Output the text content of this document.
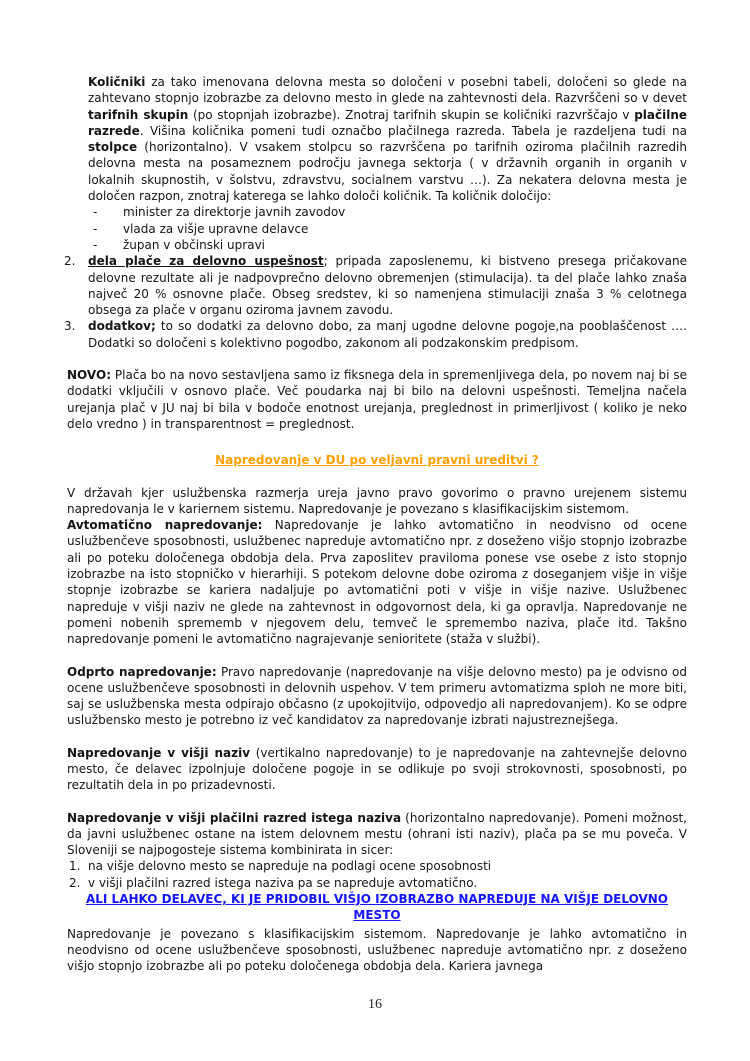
Količniki za tako imenovana delovna mesta so določeni v posebni tabeli, določeni so glede na zahtevano stopnjo izobrazbe za delovno mesto in glede na zahtevnosti dela. Razvrščeni so v devet tarifnih skupin (po stopnjah izobrazbe). Znotraj tarifnih skupin se količniki razvrščajo v plačilne razrede. Višina količnika pomeni tudi označbo plačilnega razreda. Tabela je razdeljena tudi na stolpce (horizontalno). V vsakem stolpcu so razvrščena po tarifnih oziroma plačilnih razredih delovna mesta na posameznem področju javnega sektorja ( v državnih organih in organih v lokalnih skupnostih, v šolstvu, zdravstvu, socialnem varstvu …). Za nekatera delovna mesta je določen razpon, znotraj katerega se lahko določi količnik. Ta količnik določijo:

- minister za direktorje javnih zavodov

- vlada za višje upravne delavce

- župan v občinski upravi

2. dela plače za delovno uspešnost; pripada zaposlenemu, ki bistveno presega pričakovane delovne rezultate ali je nadpovprečno delovno obremenjen (stimulacija). ta del plače lahko znaša največ 20 % osnovne plače. Obseg sredstev, ki so namenjena stimulaciji znaša 3 % celotnega obsega za plače v organu oziroma javnem zavodu.

3. dodatkov; to so dodatki za delovno dobo, za manj ugodne delovne pogoje,na pooblaščenost …. Dodatki so določeni s kolektivno pogodbo, zakonom ali podzakonskim predpisom.

NOVO: Plača bo na novo sestavljena samo iz fiksnega dela in spremenljivega dela, po novem naj bi se dodatki vključili v osnovo plače. Več poudarka naj bi bilo na delovni uspešnosti. Temeljna načela urejanja plač v JU naj bi bila v bodoče enotnost urejanja, preglednost in primerljivost ( koliko je neko delo vredno ) in transparentnost = preglednost.

Napredovanje v DU po veljavni pravni ureditvi ?

V državah kjer uslužbenska razmerja ureja javno pravo govorimo o pravno urejenem sistemu napredovanja le v kariernem sistemu. Napredovanje je povezano s klasifikacijskim sistemom.

Avtomatično napredovanje: Napredovanje je lahko avtomatično in neodvisno od ocene uslužbenčeve sposobnosti, uslužbenec napreduje avtomatično npr. z doseženo višjo stopnjo izobrazbe ali po poteku določenega obdobja dela. Prva zaposlitev praviloma ponese vse osebe z isto stopnjo izobrazbe na isto stopničko v hierarhiji. S potekom delovne dobe oziroma z doseganjem višje in višje stopnje izobrazbe se kariera nadaljuje po avtomatični poti v višje in višje nazive. Uslužbenec napreduje v višji naziv ne glede na zahtevnost in odgovornost dela, ki ga opravlja. Napredovanje ne pomeni nobenih sprememb v njegovem delu, temveč le spremembo naziva, plače itd. Takšno napredovanje pomeni le avtomatično nagrajevanje senioritete (staža v službi).

Odprto napredovanje: Pravo napredovanje (napredovanje na višje delovno mesto) pa je odvisno od ocene uslužbenčeve sposobnosti in delovnih uspehov. V tem primeru avtomatizma sploh ne more biti, saj se uslužbenska mesta odpirajo občasno (z upokojitvijo, odpovedjo ali napredovanjem). Ko se odpre uslužbensko mesto je potrebno iz več kandidatov za napredovanje izbrati najustreznejšega.

Napredovanje v višji naziv (vertikalno napredovanje) to je napredovanje na zahtevnejše delovno mesto, če delavec izpolnjuje določene pogoje in se odlikuje po svoji strokovnosti, sposobnosti, po rezultatih dela in po prizadevnosti.

Napredovanje v višji plačilni razred istega naziva (horizontalno napredovanje). Pomeni možnost, da javni uslužbenec ostane na istem delovnem mestu (ohrani isti naziv), plača pa se mu poveča. V Sloveniji se najpogosteje sistema kombinirata in sicer:

1. na višje delovno mesto se napreduje na podlagi ocene sposobnosti

2. v višji plačilni razred istega naziva pa se napreduje avtomatično.

ALI LAHKO DELAVEC, KI JE PRIDOBIL VIŠJO IZOBRAZBO NAPREDUJE NA VIŠJE DELOVNO MESTO

Napredovanje je povezano s klasifikacijskim sistemom. Napredovanje je lahko avtomatično in neodvisno od ocene uslužbenčeve sposobnosti, uslužbenec napreduje avtomatično npr. z doseženo višjo stopnjo izobrazbe ali po poteku določenega obdobja dela. Kariera javnega

16
